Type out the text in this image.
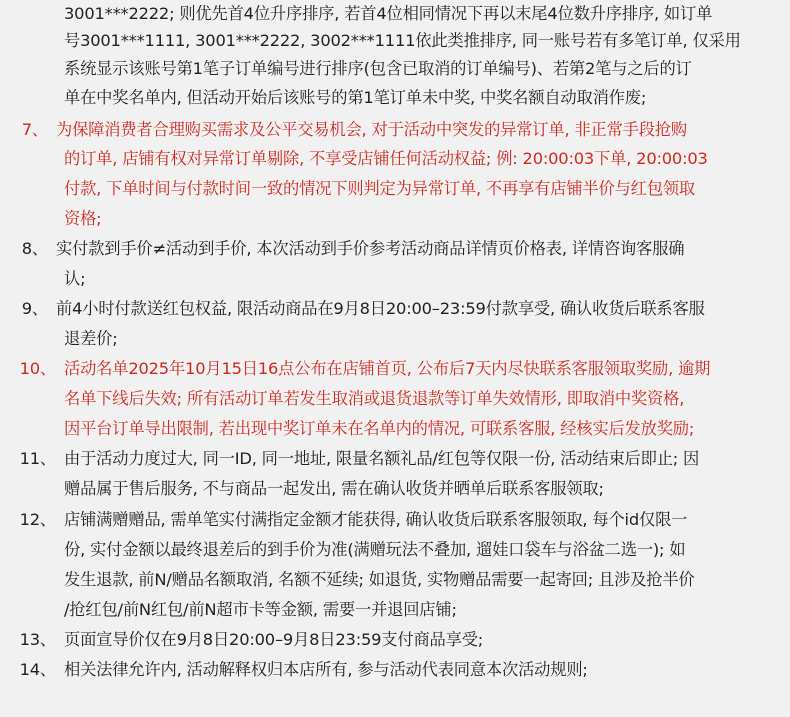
3001***2222; 则优先首4位升序排序, 若首4位相同情况下再以末尾4位数升序排序, 如订单
号3001***1111, 3001***2222, 3002***1111依此类推排序, 同一账号若有多笔订单, 仅采用
系统显示该账号第1笔子订单编号进行排序(包含已取消的订单编号)、若第2笔与之后的订
单在中奖名单内, 但活动开始后该账号的第1笔订单未中奖, 中奖名额自动取消作废;
7、 为保障消费者合理购买需求及公平交易机会, 对于活动中突发的异常订单, 非正常手段抢购
的订单, 店铺有权对异常订单剔除, 不享受店铺任何活动权益; 例: 20:00:03下单, 20:00:03
付款, 下单时间与付款时间一致的情况下则判定为异常订单, 不再享有店铺半价与红包领取
资格;
8、 实付款到手价≠活动到手价, 本次活动到手价参考活动商品详情页价格表, 详情咨询客服确
认;
9、 前4小时付款送红包权益, 限活动商品在9月8日20:00–23:59付款享受, 确认收货后联系客服
退差价;
10、 活动名单2025年10月15日16点公布在店铺首页, 公布后7天内尽快联系客服领取奖励, 逾期
名单下线后失效; 所有活动订单若发生取消或退货退款等订单失效情形, 即取消中奖资格,
因平台订单导出限制, 若出现中奖订单未在名单内的情况, 可联系客服, 经核实后发放奖励;
11、 由于活动力度过大, 同一ID, 同一地址, 限量名额礼品/红包等仅限一份, 活动结束后即止; 因
赠品属于售后服务, 不与商品一起发出, 需在确认收货并晒单后联系客服领取;
12、 店铺满赠赠品, 需单笔实付满指定金额才能获得, 确认收货后联系客服领取, 每个id仅限一
份, 实付金额以最终退差后的到手价为准(满赠玩法不叠加, 遛娃口袋车与浴盆二选一); 如
发生退款, 前N/赠品名额取消, 名额不延续; 如退货, 实物赠品需要一起寄回; 且涉及抢半价
/抢红包/前N红包/前N超市卡等金额, 需要一并退回店铺;
13、 页面宣导价仅在9月8日20:00–9月8日23:59支付商品享受;
14、 相关法律允许内, 活动解释权归本店所有, 参与活动代表同意本次活动规则;
